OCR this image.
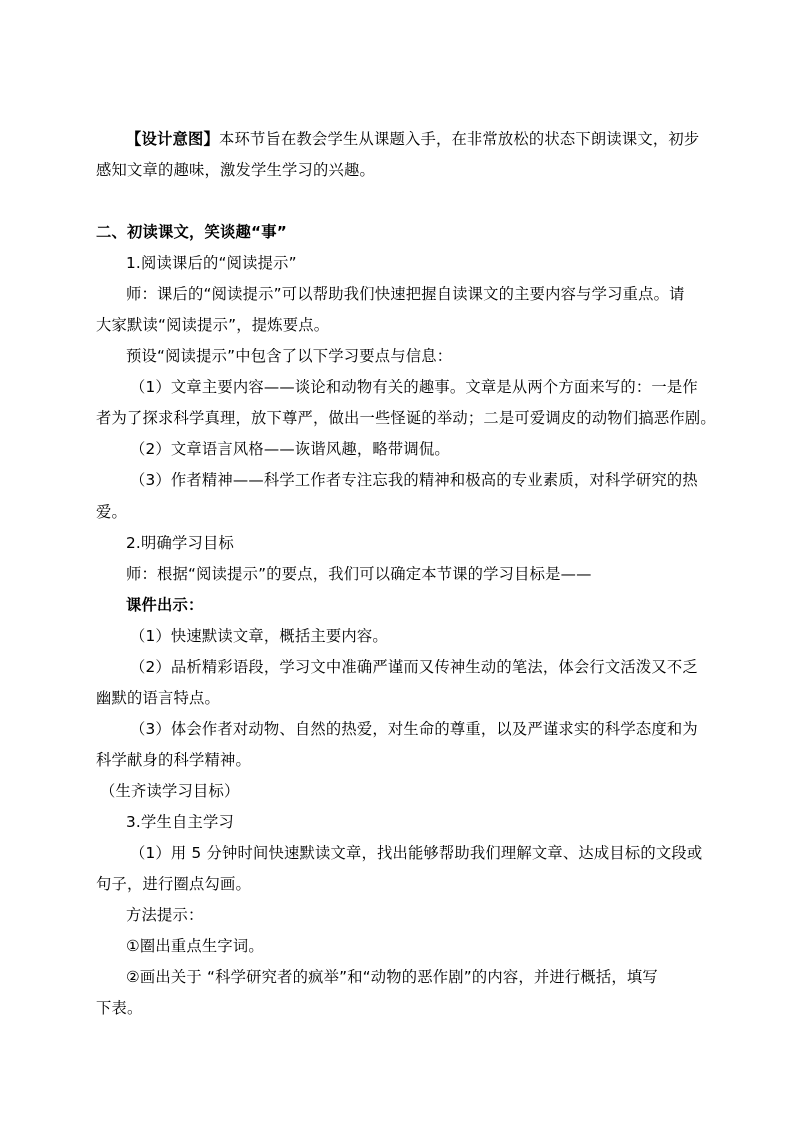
【设计意图】本环节旨在教会学生从课题入手，在非常放松的状态下朗读课文，初步
感知文章的趣味，激发学生学习的兴趣。
二、初读课文，笑谈趣“事”
1.阅读课后的“阅读提示”
师：课后的“阅读提示”可以帮助我们快速把握自读课文的主要内容与学习重点。请
大家默读“阅读提示”，提炼要点。
预设“阅读提示”中包含了以下学习要点与信息：
（1）文章主要内容——谈论和动物有关的趣事。文章是从两个方面来写的：一是作
者为了探求科学真理，放下尊严，做出一些怪诞的举动；二是可爱调皮的动物们搞恶作剧。
（2）文章语言风格——诙谐风趣，略带调侃。
（3）作者精神——科学工作者专注忘我的精神和极高的专业素质，对科学研究的热
爱。
2.明确学习目标
师：根据“阅读提示”的要点，我们可以确定本节课的学习目标是——
课件出示：
（1）快速默读文章，概括主要内容。
（2）品析精彩语段，学习文中准确严谨而又传神生动的笔法，体会行文活泼又不乏
幽默的语言特点。
（3）体会作者对动物、自然的热爱，对生命的尊重，以及严谨求实的科学态度和为
科学献身的科学精神。
（生齐读学习目标）
3.学生自主学习
（1）用 5 分钟时间快速默读文章，找出能够帮助我们理解文章、达成目标的文段或
句子，进行圈点勾画。
方法提示：
①圈出重点生字词。
②画出关于 “科学研究者的疯举”和“动物的恶作剧”的内容，并进行概括，填写
下表。
